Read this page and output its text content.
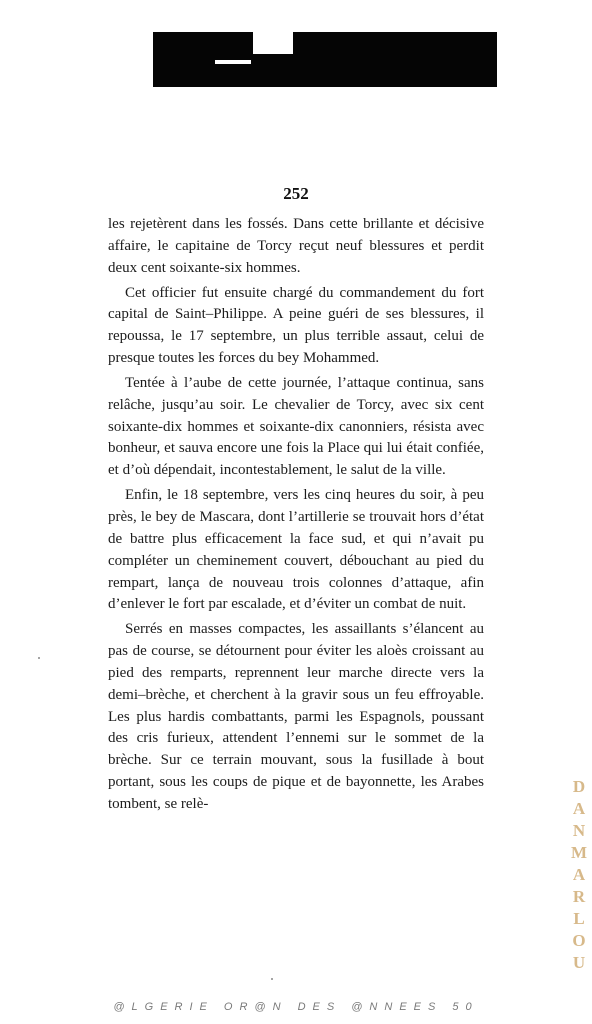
252

les rejetèrent dans les fossés. Dans cette brillante et décisive affaire, le capitaine de Torcy reçut neuf blessures et perdit deux cent soixante-six hommes.

Cet officier fut ensuite chargé du commandement du fort capital de Saint–Philippe. A peine guéri de ses blessures, il repoussa, le 17 septembre, un plus terrible assaut, celui de presque toutes les forces du bey Mohammed.

Tentée à l’aube de cette journée, l’attaque continua, sans relâche, jusqu’au soir. Le chevalier de Torcy, avec six cent soixante-dix hommes et soixante-dix canonniers, résista avec bonheur, et sauva encore une fois la Place qui lui était confiée, et d’où dépendait, incontestablement, le salut de la ville.

Enfin, le 18 septembre, vers les cinq heures du soir, à peu près, le bey de Mascara, dont l’artillerie se trouvait hors d’état de battre plus efficacement la face sud, et qui n’avait pu compléter un cheminement couvert, débouchant au pied du rempart, lança de nouveau trois colonnes d’attaque, afin d’enlever le fort par escalade, et d’éviter un combat de nuit.

Serrés en masses compactes, les assaillants s’élancent au pas de course, se détournent pour éviter les aloès croissant au pied des remparts, reprennent leur marche directe vers la demi–brèche, et cherchent à la gravir sous un feu effroyable. Les plus hardis combattants, parmi les Espagnols, poussant des cris furieux, attendent l’ennemi sur le sommet de la brèche. Sur ce terrain mouvant, sous la fusillade à bout portant, sous les coups de pique et de bayonnette, les Arabes tombent, se relè-

D
A
N
M
A
R
L
O
U
@LGERIE OR@N DES @NNEES 50
